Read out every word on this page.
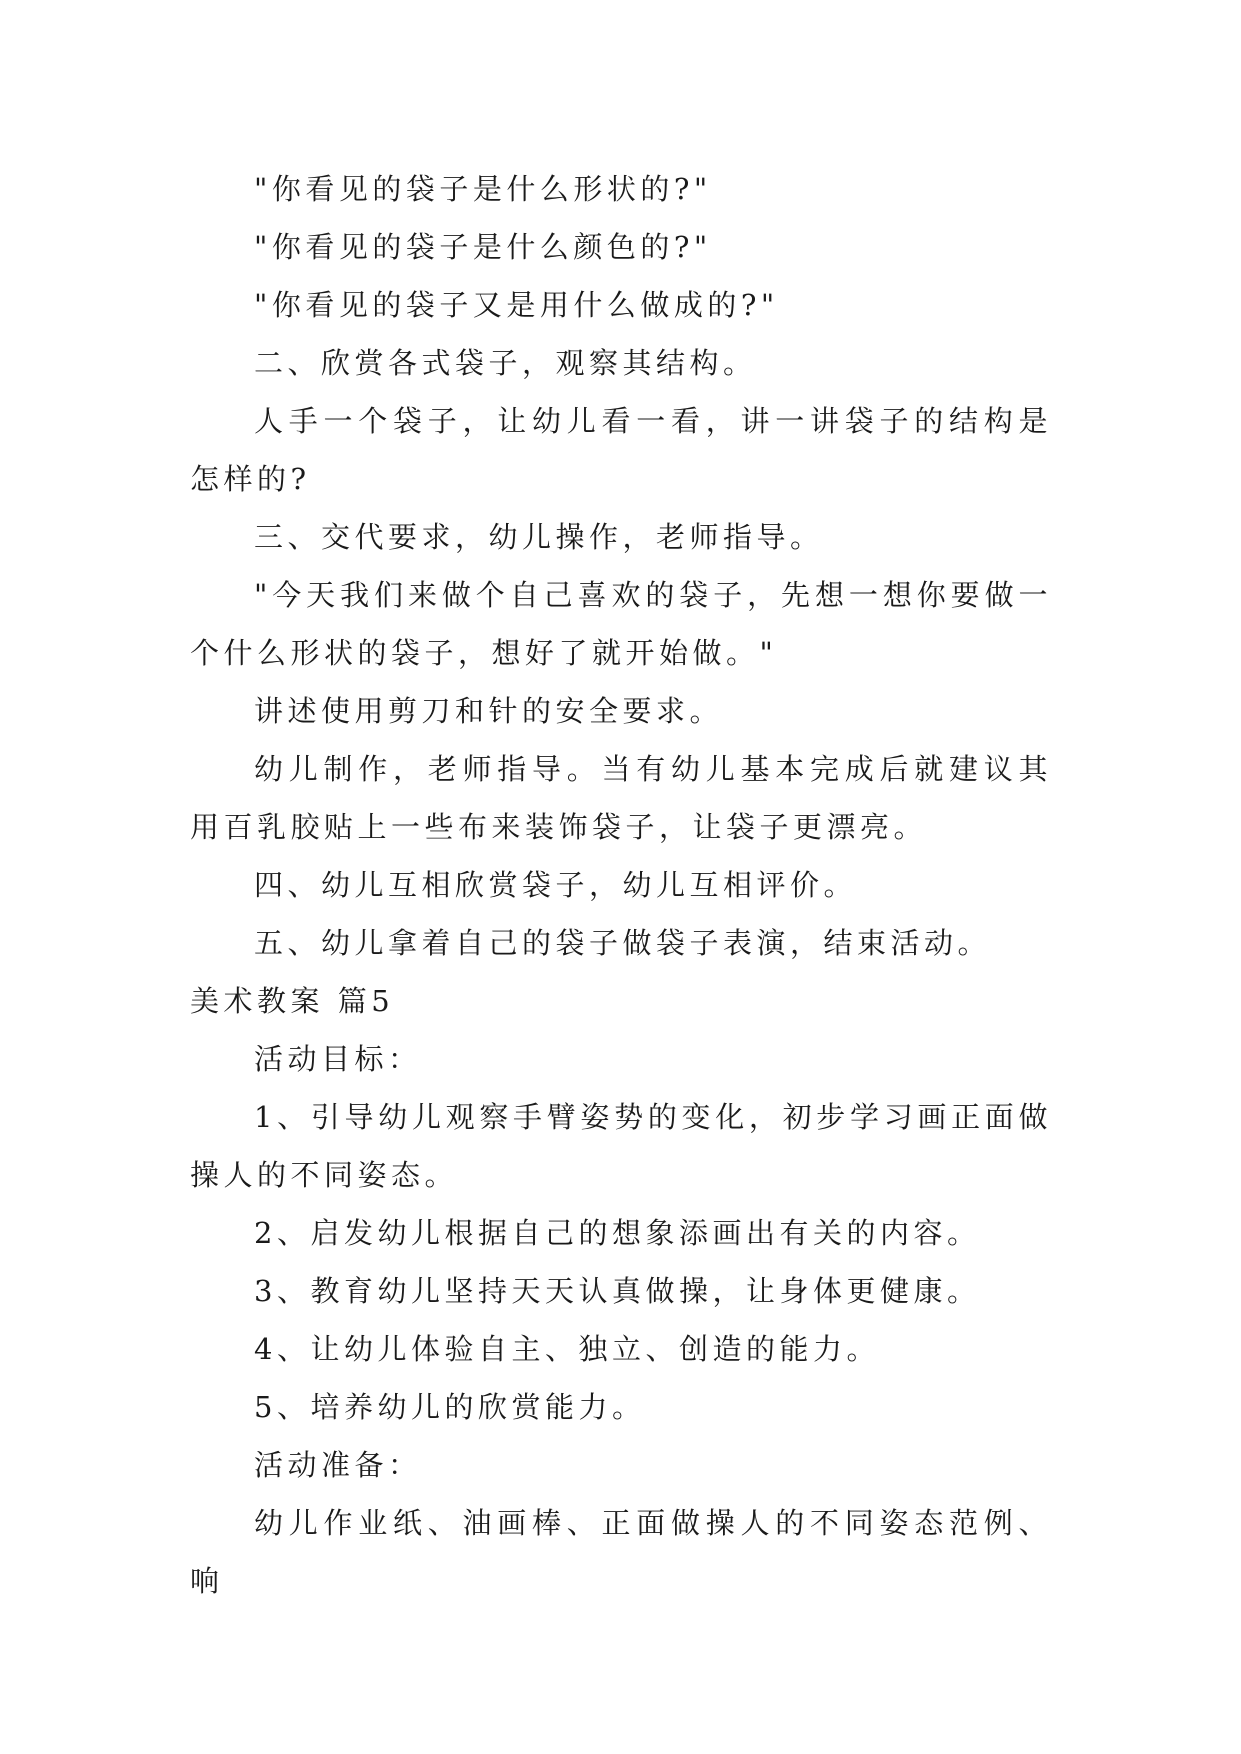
"你看见的袋子是什么形状的?"

"你看见的袋子是什么颜色的?"

"你看见的袋子又是用什么做成的?"

二、欣赏各式袋子，观察其结构。

人手一个袋子，让幼儿看一看，讲一讲袋子的结构是怎样的?

三、交代要求，幼儿操作，老师指导。

"今天我们来做个自己喜欢的袋子，先想一想你要做一个什么形状的袋子，想好了就开始做。"

讲述使用剪刀和针的安全要求。

幼儿制作，老师指导。当有幼儿基本完成后就建议其用百乳胶贴上一些布来装饰袋子，让袋子更漂亮。

四、幼儿互相欣赏袋子，幼儿互相评价。

五、幼儿拿着自己的袋子做袋子表演，结束活动。

美术教案 篇5

活动目标：

1、引导幼儿观察手臂姿势的变化，初步学习画正面做操人的不同姿态。

2、启发幼儿根据自己的想象添画出有关的内容。

3、教育幼儿坚持天天认真做操，让身体更健康。

4、让幼儿体验自主、独立、创造的能力。

5、培养幼儿的欣赏能力。

活动准备：

幼儿作业纸、油画棒、正面做操人的不同姿态范例、响
